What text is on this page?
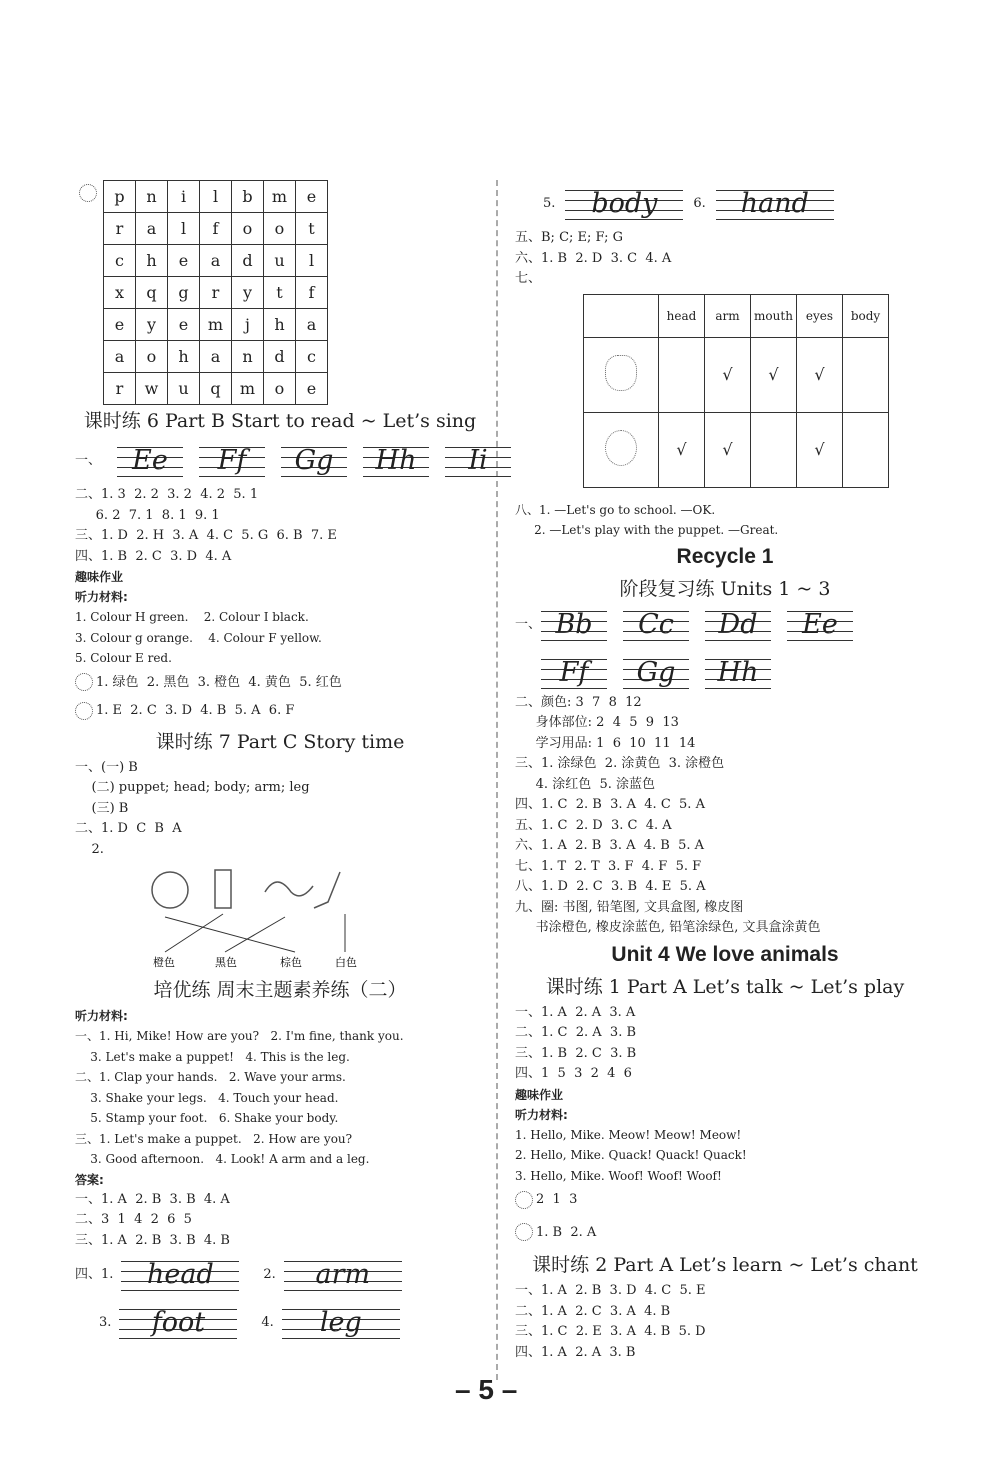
p	n	i	l	b	m	e
r	a	l	f	o	o	t
c	h	e	a	d	u	l
x	q	g	r	y	t	f
e	y	e	m	j	h	a
a	o	h	a	n	d	c
r	w	u	q	m	o	e
课时练 6 Part B Start to read ~ Let’s sing
一、	Ee	Ff	Gg	Hh	Ii
二、1. 3  2. 2  3. 2  4. 2  5. 1
6. 2  7. 1  8. 1  9. 1
三、1. D  2. H  3. A  4. C  5. G  6. B  7. E
四、1. B  2. C  3. D  4. A
趣味作业
听力材料:
1. Colour H green.    2. Colour I black.
3. Colour g orange.    4. Colour F yellow.
5. Colour E red.
1. 绿色  2. 黑色  3. 橙色  4. 黄色  5. 红色
1. E  2. C  3. D  4. B  5. A  6. F
课时练 7 Part C Story time
一、(一) B
(二) puppet; head; body; arm; leg
(三) B
二、1. D  C  B  A
2.
橙色	黑色	棕色	白色
培优练 周末主题素养练（二）
听力材料:
一、1. Hi, Mike! How are you?   2. I'm fine, thank you.
3. Let's make a puppet!   4. This is the leg.
二、1. Clap your hands.   2. Wave your arms.
3. Shake your legs.   4. Touch your head.
5. Stamp your foot.   6. Shake your body.
三、1. Let's make a puppet.   2. How are you?
3. Good afternoon.   4. Look! A arm and a leg.
答案:
一、1. A  2. B  3. B  4. A
二、3  1  4  2  6  5
三、1. A  2. B  3. B  4. B
四、1.	head	2.	arm
3.	foot	4.	leg
5.	body	6.	hand
五、B; C; E; F; G
六、1. B  2. D  3. C  4. A
七、
	head	arm	mouth	eyes	body
		√	√	√	
	√	√		√	
八、1. —Let's go to school. —OK.
2. —Let's play with the puppet. —Great.
Recycle 1
阶段复习练 Units 1 ~ 3
一、 Bb	Cc	Dd	Ee
Ff	Gg	Hh
二、颜色: 3  7  8  12
身体部位: 2  4  5  9  13
学习用品: 1  6  10  11  14
三、1. 涂绿色  2. 涂黄色  3. 涂橙色
4. 涂红色  5. 涂蓝色
四、1. C  2. B  3. A  4. C  5. A
五、1. C  2. D  3. C  4. A
六、1. A  2. B  3. A  4. B  5. A
七、1. T  2. T  3. F  4. F  5. F
八、1. D  2. C  3. B  4. E  5. A
九、圈: 书图, 铅笔图, 文具盒图, 橡皮图
书涂橙色, 橡皮涂蓝色, 铅笔涂绿色, 文具盒涂黄色
Unit 4 We love animals
课时练 1 Part A Let’s talk ~ Let’s play
一、1. A  2. A  3. A
二、1. C  2. A  3. B
三、1. B  2. C  3. B
四、1  5  3  2  4  6
趣味作业
听力材料:
1. Hello, Mike. Meow! Meow! Meow!
2. Hello, Mike. Quack! Quack! Quack!
3. Hello, Mike. Woof! Woof! Woof!
2  1  3
1. B  2. A
课时练 2 Part A Let’s learn ~ Let’s chant
一、1. A  2. B  3. D  4. C  5. E
二、1. A  2. C  3. A  4. B
三、1. C  2. E  3. A  4. B  5. D
四、1. A  2. A  3. B
– 5 –
